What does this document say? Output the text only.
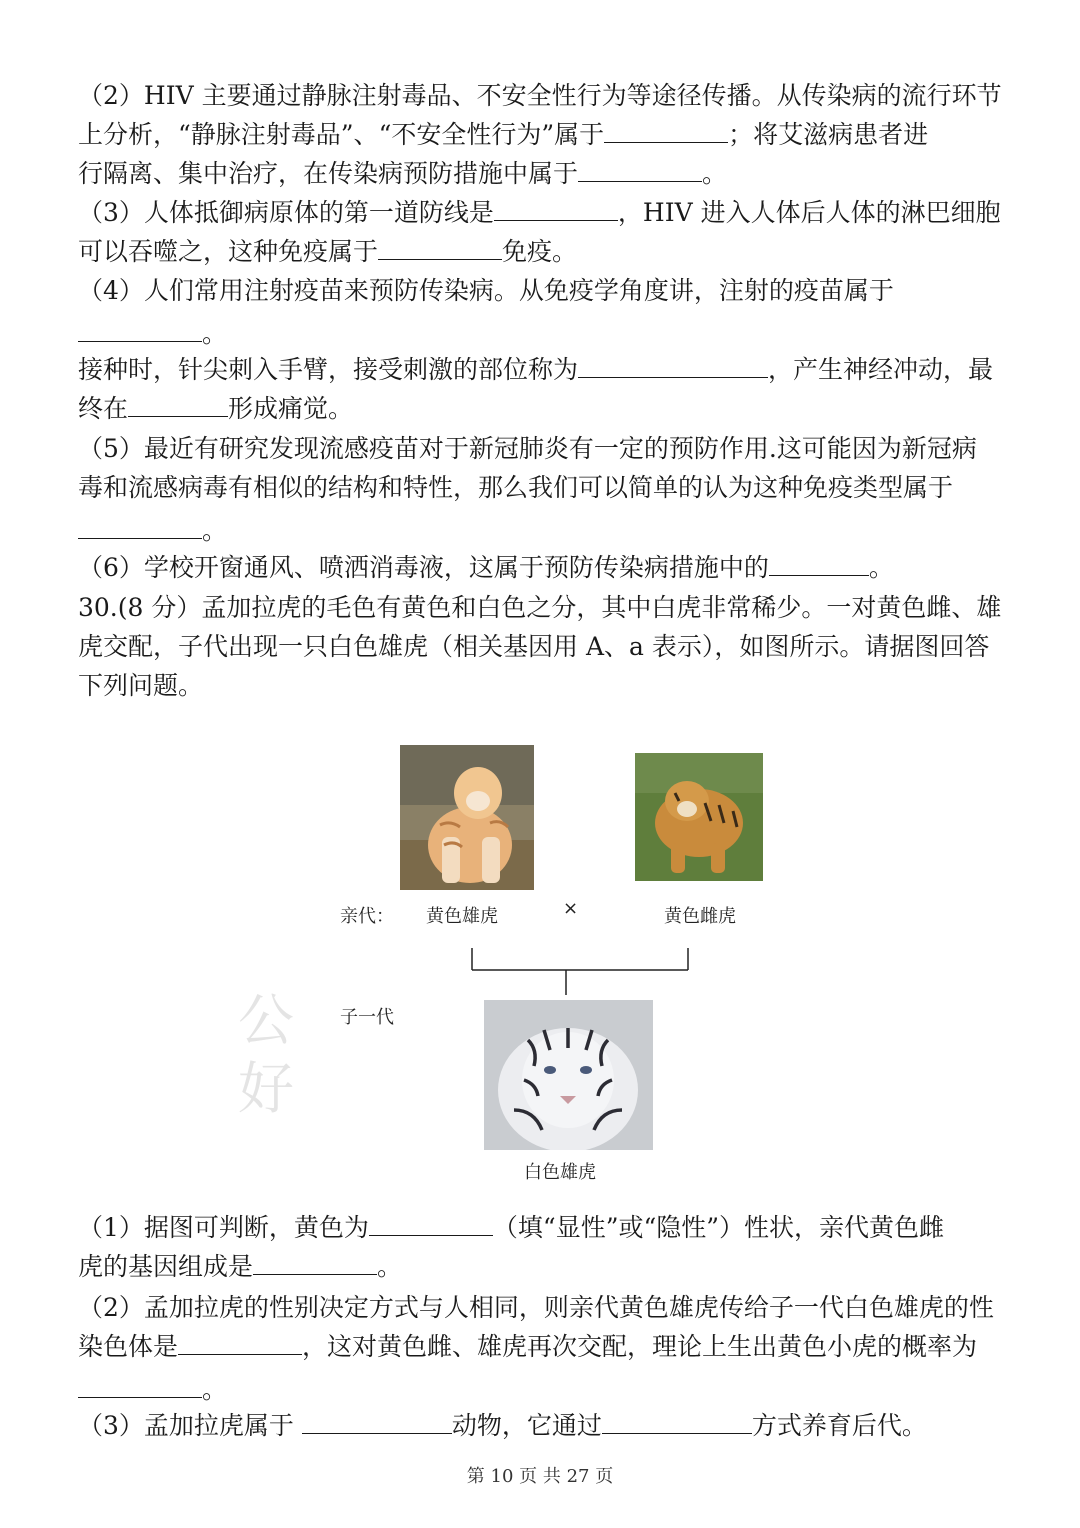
（2）HIV 主要通过静脉注射毒品、不安全性行为等途径传播。从传染病的流行环节
上分析，“静脉注射毒品”、“不安全性行为”属于	；将艾滋病患者进
行隔离、集中治疗，在传染病预防措施中属于	。
（3）人体抵御病原体的第一道防线是	，HIV 进入人体后人体的淋巴细胞
可以吞噬之，这种免疫属于	免疫。
（4）人们常用注射疫苗来预防传染病。从免疫学角度讲，注射的疫苗属于
。
接种时，针尖刺入手臂，接受刺激的部位称为	，产生神经冲动，最
终在	形成痛觉。
（5）最近有研究发现流感疫苗对于新冠肺炎有一定的预防作用.这可能因为新冠病
毒和流感病毒有相似的结构和特性，那么我们可以简单的认为这种免疫类型属于
。
（6）学校开窗通风、喷洒消毒液，这属于预防传染病措施中的	。
30.(8 分）孟加拉虎的毛色有黄色和白色之分，其中白虎非常稀少。一对黄色雌、雄
虎交配，子代出现一只白色雄虎（相关基因用 A、a 表示），如图所示。请据图回答
下列问题。
公
好
亲代： 黄色雄虎	×	黄色雌虎
子一代
白色雄虎
（1）据图可判断，黄色为	（填“显性”或“隐性”）性状，亲代黄色雌
虎的基因组成是	。
（2）孟加拉虎的性别决定方式与人相同，则亲代黄色雄虎传给子一代白色雄虎的性
染色体是	，这对黄色雌、雄虎再次交配，理论上生出黄色小虎的概率为
。
（3）孟加拉虎属于	动物，它通过	方式养育后代。
第 10 页 共 27 页
